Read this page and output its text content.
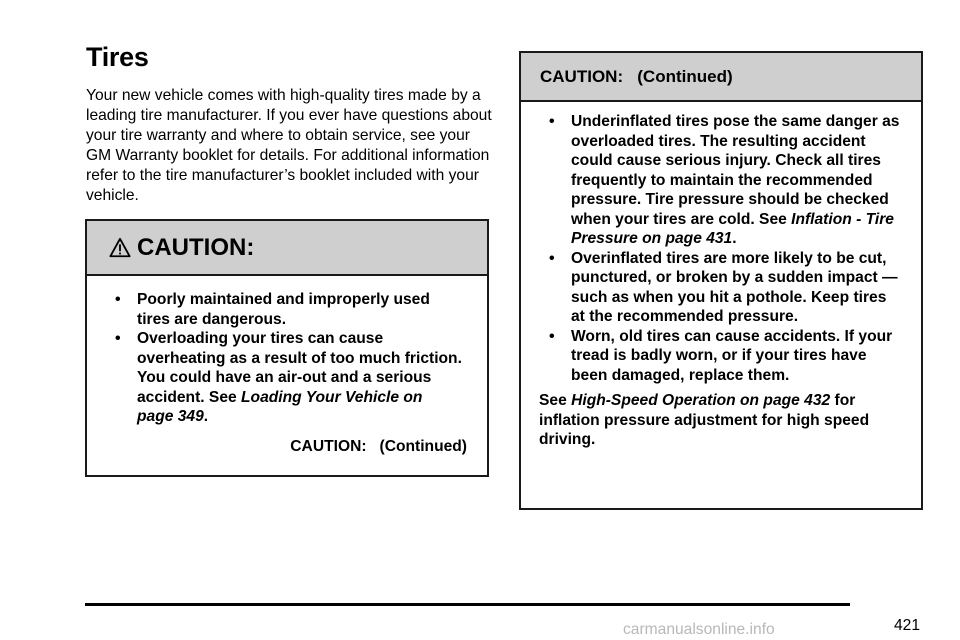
Tires

Your new vehicle comes with high-quality tires made by a leading tire manufacturer. If you ever have questions about your tire warranty and where to obtain service, see your GM Warranty booklet for details. For additional information refer to the tire manufacturer’s booklet included with your vehicle.

CAUTION:
• Poorly maintained and improperly used tires are dangerous.
• Overloading your tires can cause overheating as a result of too much friction. You could have an air-out and a serious accident. See Loading Your Vehicle on page 349.
CAUTION:   (Continued)
CAUTION:   (Continued)
• Underinflated tires pose the same danger as overloaded tires. The resulting accident could cause serious injury. Check all tires frequently to maintain the recommended pressure. Tire pressure should be checked when your tires are cold. See Inflation - Tire Pressure on page 431.
• Overinflated tires are more likely to be cut, punctured, or broken by a sudden impact — such as when you hit a pothole. Keep tires at the recommended pressure.
• Worn, old tires can cause accidents. If your tread is badly worn, or if your tires have been damaged, replace them.

See High-Speed Operation on page 432 for inflation pressure adjustment for high speed driving.

421
carmanualsonline.info
